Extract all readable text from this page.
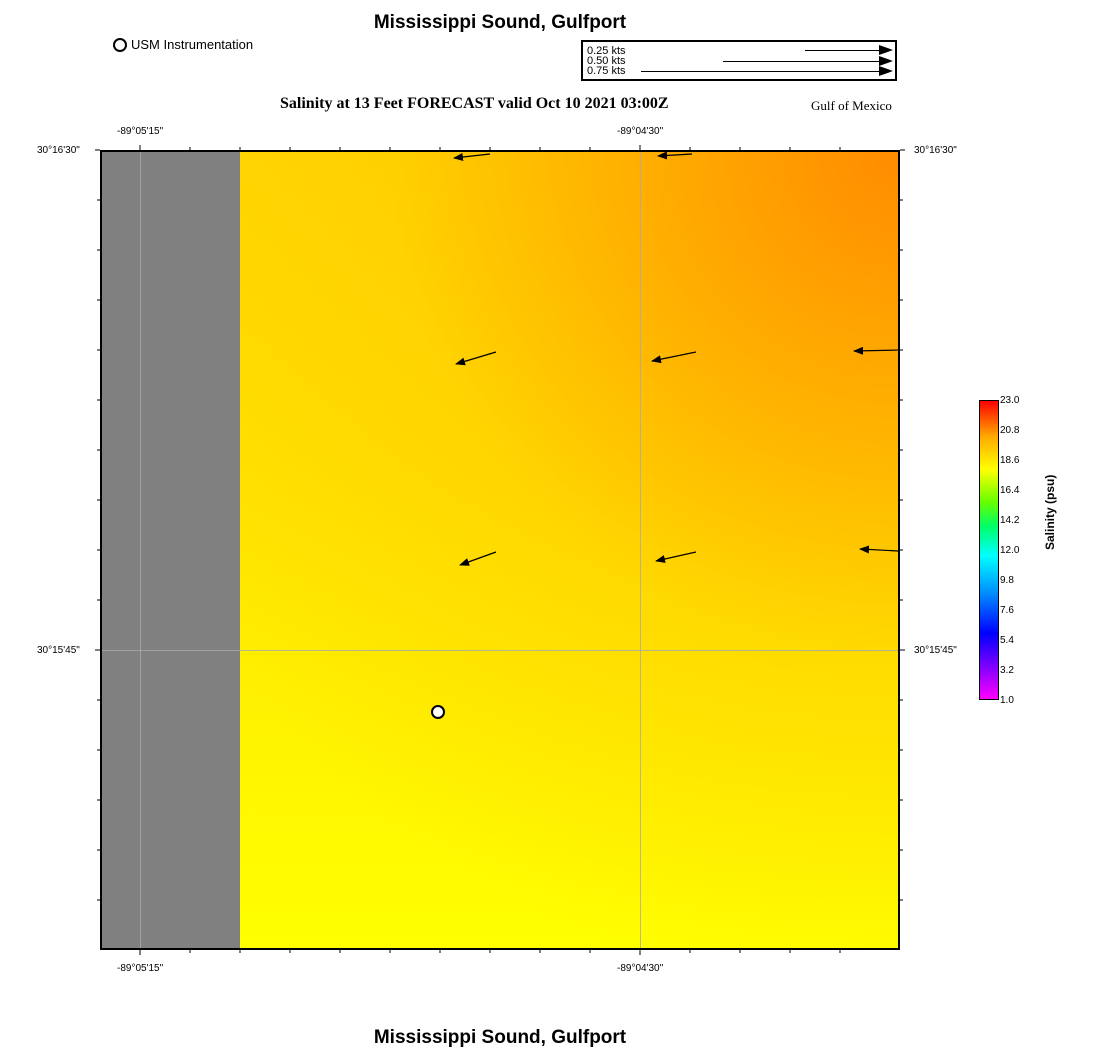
Mississippi Sound, Gulfport
USM Instrumentation	0.25 kts
0.50 kts
0.75 kts
Salinity at 13 Feet FORECAST valid Oct 10 2021 03:00Z	Gulf of Mexico
-89°05'15"	-89°04'30"
-89°05'15"	-89°04'30"
30°16'30"
30°15'45"
30°16'30"
30°15'45"
23.0
20.8
18.6
16.4
14.2
12.0
9.8
7.6
5.4
3.2
1.0
Salinity (psu)
Mississippi Sound, Gulfport
